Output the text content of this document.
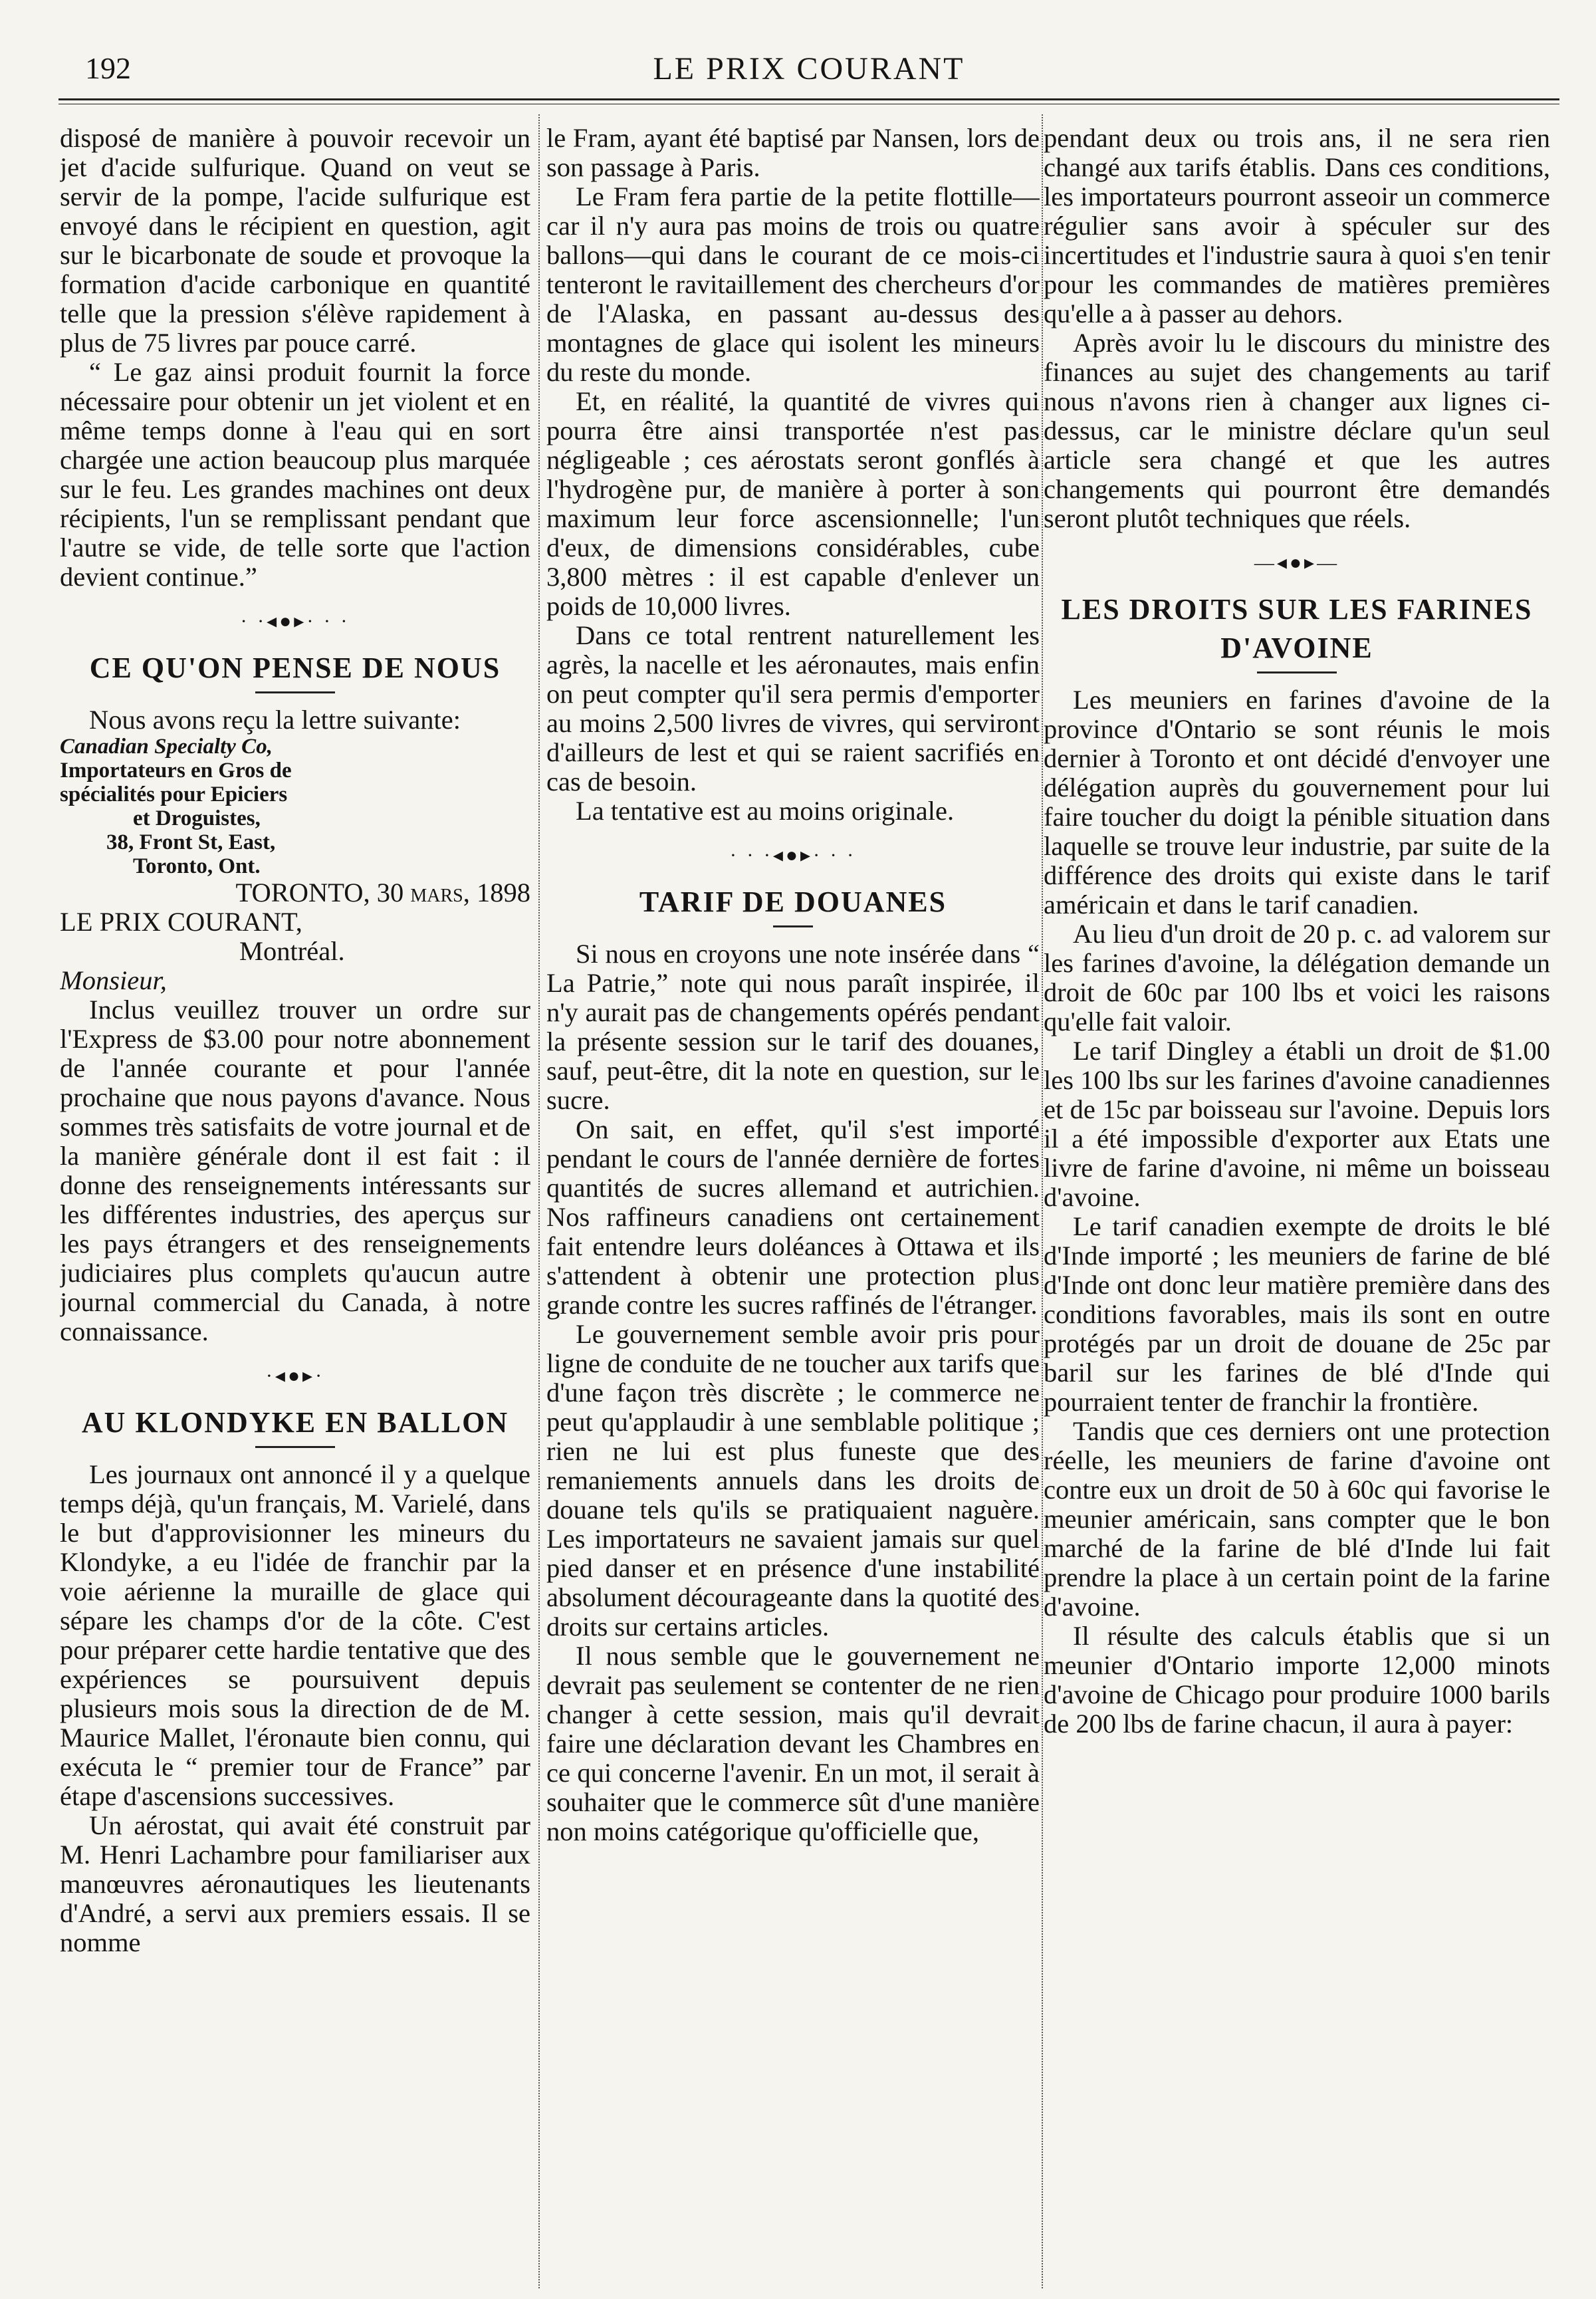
192	LE PRIX COURANT

disposé de manière à pouvoir recevoir un jet d'acide sulfurique. Quand on veut se servir de la pompe, l'acide sulfurique est envoyé dans le récipient en question, agit sur le bicarbonate de soude et provoque la formation d'acide carbonique en quantité telle que la pression s'élève rapidement à plus de 75 livres par pouce carré.

“ Le gaz ainsi produit fournit la force nécessaire pour obtenir un jet violent et en même temps donne à l'eau qui en sort chargée une action beaucoup plus marquée sur le feu. Les grandes machines ont deux récipients, l'un se remplissant pendant que l'autre se vide, de telle sorte que l'action devient continue.”

· ·◂●▸· · ·
CE QU'ON PENSE DE NOUS

Nous avons reçu la lettre suivante:

Canadian Specialty Co,

Importateurs en Gros de

spécialités pour Epiciers

et Droguistes,

38, Front St, East,

Toronto, Ont.

TORONTO, 30 mars, 1898

LE PRIX COURANT,

Montréal.

Monsieur,

Inclus veuillez trouver un ordre sur l'Express de $3.00 pour notre abonnement de l'année courante et pour l'année prochaine que nous payons d'avance. Nous sommes très satisfaits de votre journal et de la manière générale dont il est fait : il donne des renseignements intéressants sur les différentes industries, des aperçus sur les pays étrangers et des renseignements judiciaires plus complets qu'aucun autre journal commercial du Canada, à notre connaissance.

·◂●▸·
AU KLONDYKE EN BALLON

Les journaux ont annoncé il y a quelque temps déjà, qu'un français, M. Varielé, dans le but d'approvisionner les mineurs du Klondyke, a eu l'idée de franchir par la voie aérienne la muraille de glace qui sépare les champs d'or de la côte. C'est pour préparer cette hardie tentative que des expériences se poursuivent depuis plusieurs mois sous la direction de de M. Maurice Mallet, l'éronaute bien connu, qui exécuta le “ premier tour de France” par étape d'ascensions successives.

Un aérostat, qui avait été construit par M. Henri Lachambre pour familiariser aux manœuvres aéronautiques les lieutenants d'André, a servi aux premiers essais. Il se nomme

le Fram, ayant été baptisé par Nansen, lors de son passage à Paris.

Le Fram fera partie de la petite flottille—car il n'y aura pas moins de trois ou quatre ballons—qui dans le courant de ce mois-ci tenteront le ravitaillement des chercheurs d'or de l'Alaska, en passant au-dessus des montagnes de glace qui isolent les mineurs du reste du monde.

Et, en réalité, la quantité de vivres qui pourra être ainsi transportée n'est pas négligeable ; ces aérostats seront gonflés à l'hydrogène pur, de manière à porter à son maximum leur force ascensionnelle; l'un d'eux, de dimensions considérables, cube 3,800 mètres : il est capable d'enlever un poids de 10,000 livres.

Dans ce total rentrent naturellement les agrès, la nacelle et les aéronautes, mais enfin on peut compter qu'il sera permis d'emporter au moins 2,500 livres de vivres, qui serviront d'ailleurs de lest et qui se raient sacrifiés en cas de besoin.

La tentative est au moins originale.

· · ·◂●▸· · ·
TARIF DE DOUANES

Si nous en croyons une note insérée dans “ La Patrie,” note qui nous paraît inspirée, il n'y aurait pas de changements opérés pendant la présente session sur le tarif des douanes, sauf, peut-être, dit la note en question, sur le sucre.

On sait, en effet, qu'il s'est importé pendant le cours de l'année dernière de fortes quantités de sucres allemand et autrichien. Nos raffineurs canadiens ont certainement fait entendre leurs doléances à Ottawa et ils s'attendent à obtenir une protection plus grande contre les sucres raffinés de l'étranger.

Le gouvernement semble avoir pris pour ligne de conduite de ne toucher aux tarifs que d'une façon très discrète ; le commerce ne peut qu'applaudir à une semblable politique ; rien ne lui est plus funeste que des remaniements annuels dans les droits de douane tels qu'ils se pratiquaient naguère. Les importateurs ne savaient jamais sur quel pied danser et en présence d'une instabilité absolument décourageante dans la quotité des droits sur certains articles.

Il nous semble que le gouvernement ne devrait pas seulement se contenter de ne rien changer à cette session, mais qu'il devrait faire une déclaration devant les Chambres en ce qui concerne l'avenir. En un mot, il serait à souhaiter que le commerce sût d'une manière non moins catégorique qu'officielle que,

pendant deux ou trois ans, il ne sera rien changé aux tarifs établis. Dans ces conditions, les importateurs pourront asseoir un commerce régulier sans avoir à spéculer sur des incertitudes et l'industrie saura à quoi s'en tenir pour les commandes de matières premières qu'elle a à passer au dehors.

Après avoir lu le discours du ministre des finances au sujet des changements au tarif nous n'avons rien à changer aux lignes ci-dessus, car le ministre déclare qu'un seul article sera changé et que les autres changements qui pourront être demandés seront plutôt techniques que réels.

—◂●▸—
LES DROITS SUR LES FARINES
D'AVOINE

Les meuniers en farines d'avoine de la province d'Ontario se sont réunis le mois dernier à Toronto et ont décidé d'envoyer une délégation auprès du gouvernement pour lui faire toucher du doigt la pénible situation dans laquelle se trouve leur industrie, par suite de la différence des droits qui existe dans le tarif américain et dans le tarif canadien.

Au lieu d'un droit de 20 p. c. ad valorem sur les farines d'avoine, la délégation demande un droit de 60c par 100 lbs et voici les raisons qu'elle fait valoir.

Le tarif Dingley a établi un droit de $1.00 les 100 lbs sur les farines d'avoine canadiennes et de 15c par boisseau sur l'avoine. Depuis lors il a été impossible d'exporter aux Etats une livre de farine d'avoine, ni même un boisseau d'avoine.

Le tarif canadien exempte de droits le blé d'Inde importé ; les meuniers de farine de blé d'Inde ont donc leur matière première dans des conditions favorables, mais ils sont en outre protégés par un droit de douane de 25c par baril sur les farines de blé d'Inde qui pourraient tenter de franchir la frontière.

Tandis que ces derniers ont une protection réelle, les meuniers de farine d'avoine ont contre eux un droit de 50 à 60c qui favorise le meunier américain, sans compter que le bon marché de la farine de blé d'Inde lui fait prendre la place à un certain point de la farine d'avoine.

Il résulte des calculs établis que si un meunier d'Ontario importe 12,000 minots d'avoine de Chicago pour produire 1000 barils de 200 lbs de farine chacun, il aura à payer:
